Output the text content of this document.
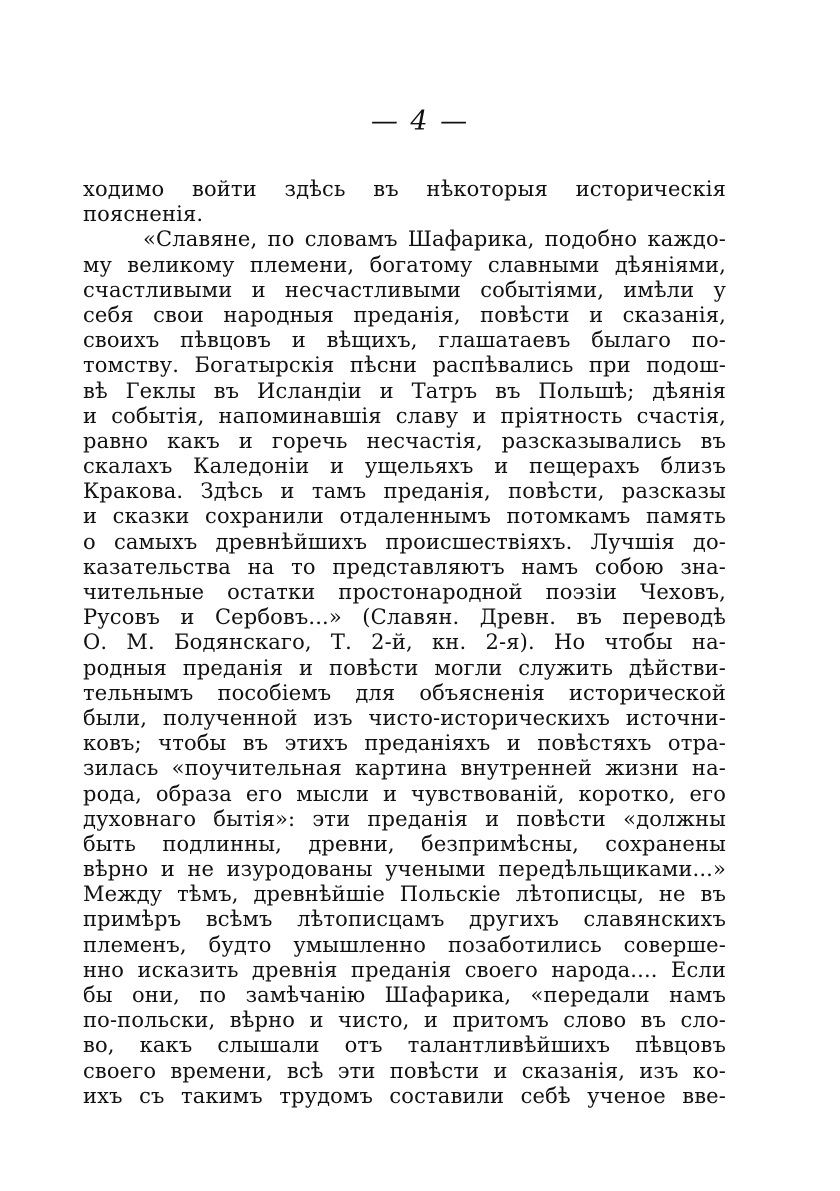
— 4 —
ходимо войти здѣсь въ нѣкоторыя историческія
поясненія.
«Славяне, по словамъ Шафарика, подобно каждо-
му великому племени, богатому славными дѣяніями,
счастливыми и несчастливыми событіями, имѣли у
себя свои народныя преданія, повѣсти и сказанія,
своихъ пѣвцовъ и вѣщихъ, глашатаевъ былаго по-
томству. Богатырскія пѣсни распѣвались при подош-
вѣ Геклы въ Исландіи и Татръ въ Польшѣ; дѣянія
и событія, напоминавшія славу и пріятность счастія,
равно какъ и горечь несчастія, разсказывались въ
скалахъ Каледоніи и ущельяхъ и пещерахъ близъ
Кракова. Здѣсь и тамъ преданія, повѣсти, разсказы
и сказки сохранили отдаленнымъ потомкамъ память
о самыхъ древнѣйшихъ происшествіяхъ. Лучшія до-
казательства на то представляютъ намъ собою зна-
чительные остатки простонародной поэзіи Чеховъ,
Русовъ и Сербовъ...» (Славян. Древн. въ переводѣ
О. М. Бодянскаго, Т. 2-й, кн. 2-я). Но чтобы на-
родныя преданія и повѣсти могли служить дѣйстви-
тельнымъ пособіемъ для объясненія исторической
были, полученной изъ чисто-историческихъ источни-
ковъ; чтобы въ этихъ преданіяхъ и повѣстяхъ отра-
зилась «поучительная картина внутренней жизни на-
рода, образа его мысли и чувствованій, коротко, его
духовнаго бытія»: эти преданія и повѣсти «должны
быть подлинны, древни, безпримѣсны, сохранены
вѣрно и не изуродованы учеными передѣльщиками...»
Между тѣмъ, древнѣйшіе Польскіе лѣтописцы, не въ
примѣръ всѣмъ лѣтописцамъ другихъ славянскихъ
племенъ, будто умышленно позаботились соверше-
нно исказить древнія преданія своего народа.... Если
бы они, по замѣчанію Шафарика, «передали намъ
по-польски, вѣрно и чисто, и притомъ слово въ сло-
во, какъ слышали отъ талантливѣйшихъ пѣвцовъ
своего времени, всѣ эти повѣсти и сказанія, изъ ко-
ихъ съ такимъ трудомъ составили себѣ ученое вве-
